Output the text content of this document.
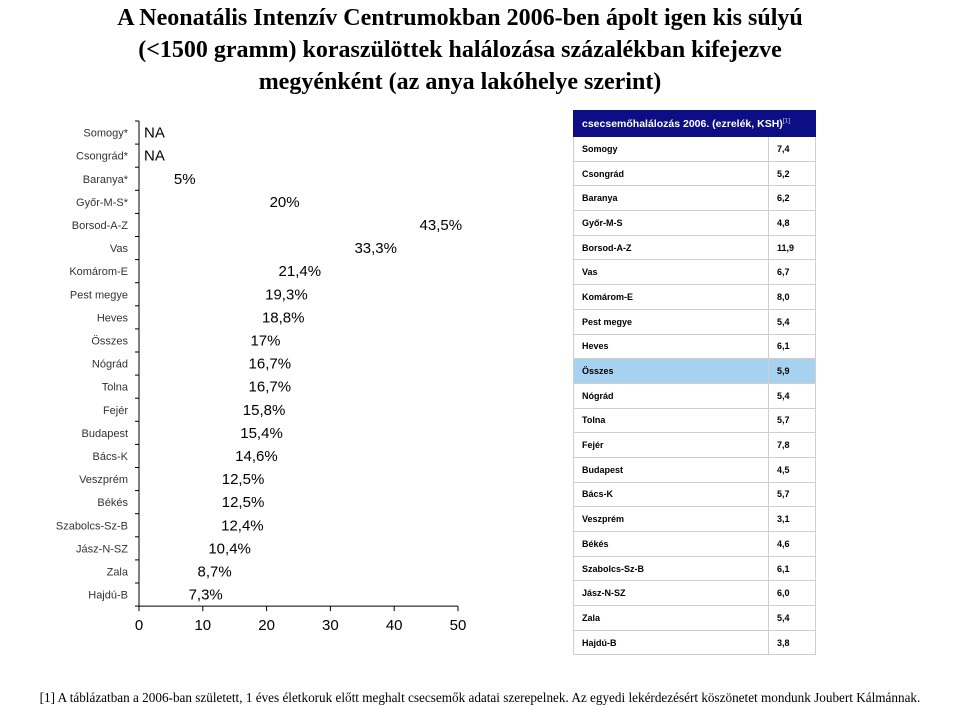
A Neonatális Intenzív Centrumokban 2006-ben ápolt igen kis súlyú
(<1500 gramm) koraszülöttek halálozása százalékban kifejezve
megyénként (az anya lakóhelye szerint)
Somogy* NA
Csongrád* NA
Baranya*	5%
Győr-M-S*	20%
Borsod-A-Z	43,5%
Vas	33,3%
Komárom-E	21,4%
Pest megye	19,3%
Heves	18,8%
Összes	17%
Nógrád	16,7%
Tolna	16,7%
Fejér	15,8%
Budapest	15,4%
Bács-K	14,6%
Veszprém	12,5%
Békés	12,5%
Szabolcs-Sz-B	12,4%
Jász-N-SZ	10,4%
Zala	8,7%
Hajdú-B	7,3%
0	10	20	30	40	50
csecsemőhalálozás 2006. (ezrelék, KSH)[1]
Somogy	7,4
Csongrád	5,2
Baranya	6,2
Győr-M-S	4,8
Borsod-A-Z	11,9
Vas	6,7
Komárom-E	8,0
Pest megye	5,4
Heves	6,1
Összes	5,9
Nógrád	5,4
Tolna	5,7
Fejér	7,8
Budapest	4,5
Bács-K	5,7
Veszprém	3,1
Békés	4,6
Szabolcs-Sz-B	6,1
Jász-N-SZ	6,0
Zala	5,4
Hajdú-B	3,8
[1] A táblázatban a 2006-ban született, 1 éves életkoruk előtt meghalt csecsemők adatai szerepelnek. Az egyedi lekérdezésért köszönetet mondunk Joubert Kálmánnak.
